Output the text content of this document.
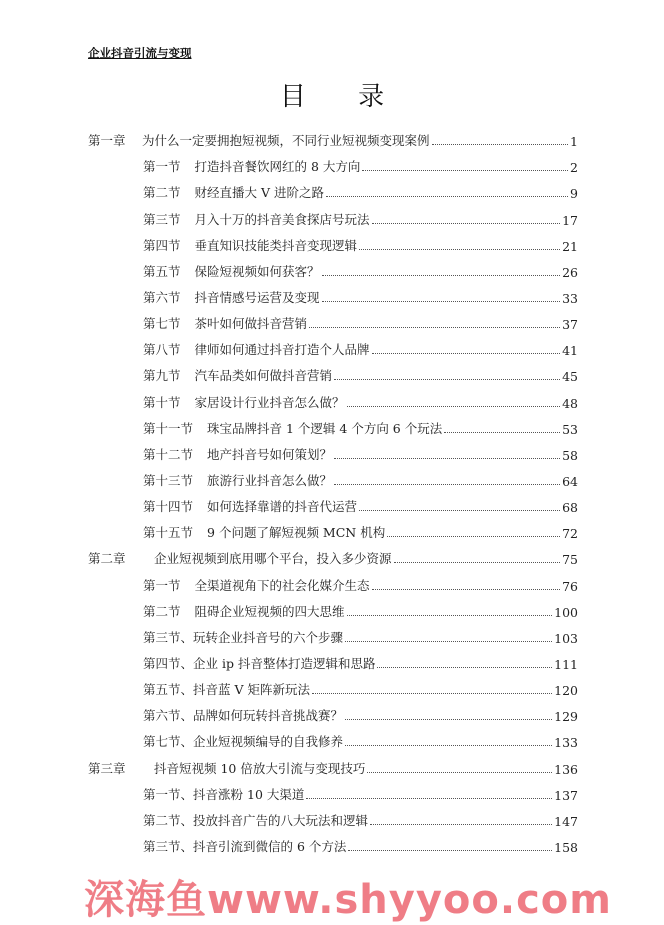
企业抖音引流与变现
目 录
第一章	为什么一定要拥抱短视频，不同行业短视频变现案例	1
第一节 打造抖音餐饮网红的 8 大方向	2
第二节 财经直播大 V 进阶之路	9
第三节 月入十万的抖音美食探店号玩法	17
第四节 垂直知识技能类抖音变现逻辑	21
第五节 保险短视频如何获客？	26
第六节 抖音情感号运营及变现	33
第七节 茶叶如何做抖音营销	37
第八节 律师如何通过抖音打造个人品牌	41
第九节 汽车品类如何做抖音营销	45
第十节 家居设计行业抖音怎么做？	48
第十一节 珠宝品牌抖音 1 个逻辑 4 个方向 6 个玩法	53
第十二节 地产抖音号如何策划？	58
第十三节 旅游行业抖音怎么做？	64
第十四节 如何选择靠谱的抖音代运营	68
第十五节 9 个问题了解短视频 MCN 机构	72
第二章	企业短视频到底用哪个平台，投入多少资源	75
第一节 全渠道视角下的社会化媒介生态	76
第二节 阻碍企业短视频的四大思维	100
第三节、 玩转企业抖音号的六个步骤	103
第四节、 企业 ip 抖音整体打造逻辑和思路	111
第五节、 抖音蓝 V 矩阵新玩法	120
第六节、 品牌如何玩转抖音挑战赛？	129
第七节、 企业短视频编导的自我修养	133
第三章	抖音短视频 10 倍放大引流与变现技巧	136
第一节、 抖音涨粉 10 大渠道	137
第二节、 投放抖音广告的八大玩法和逻辑	147
第三节、 抖音引流到微信的 6 个方法	158
深海鱼www.shyyoo.com
